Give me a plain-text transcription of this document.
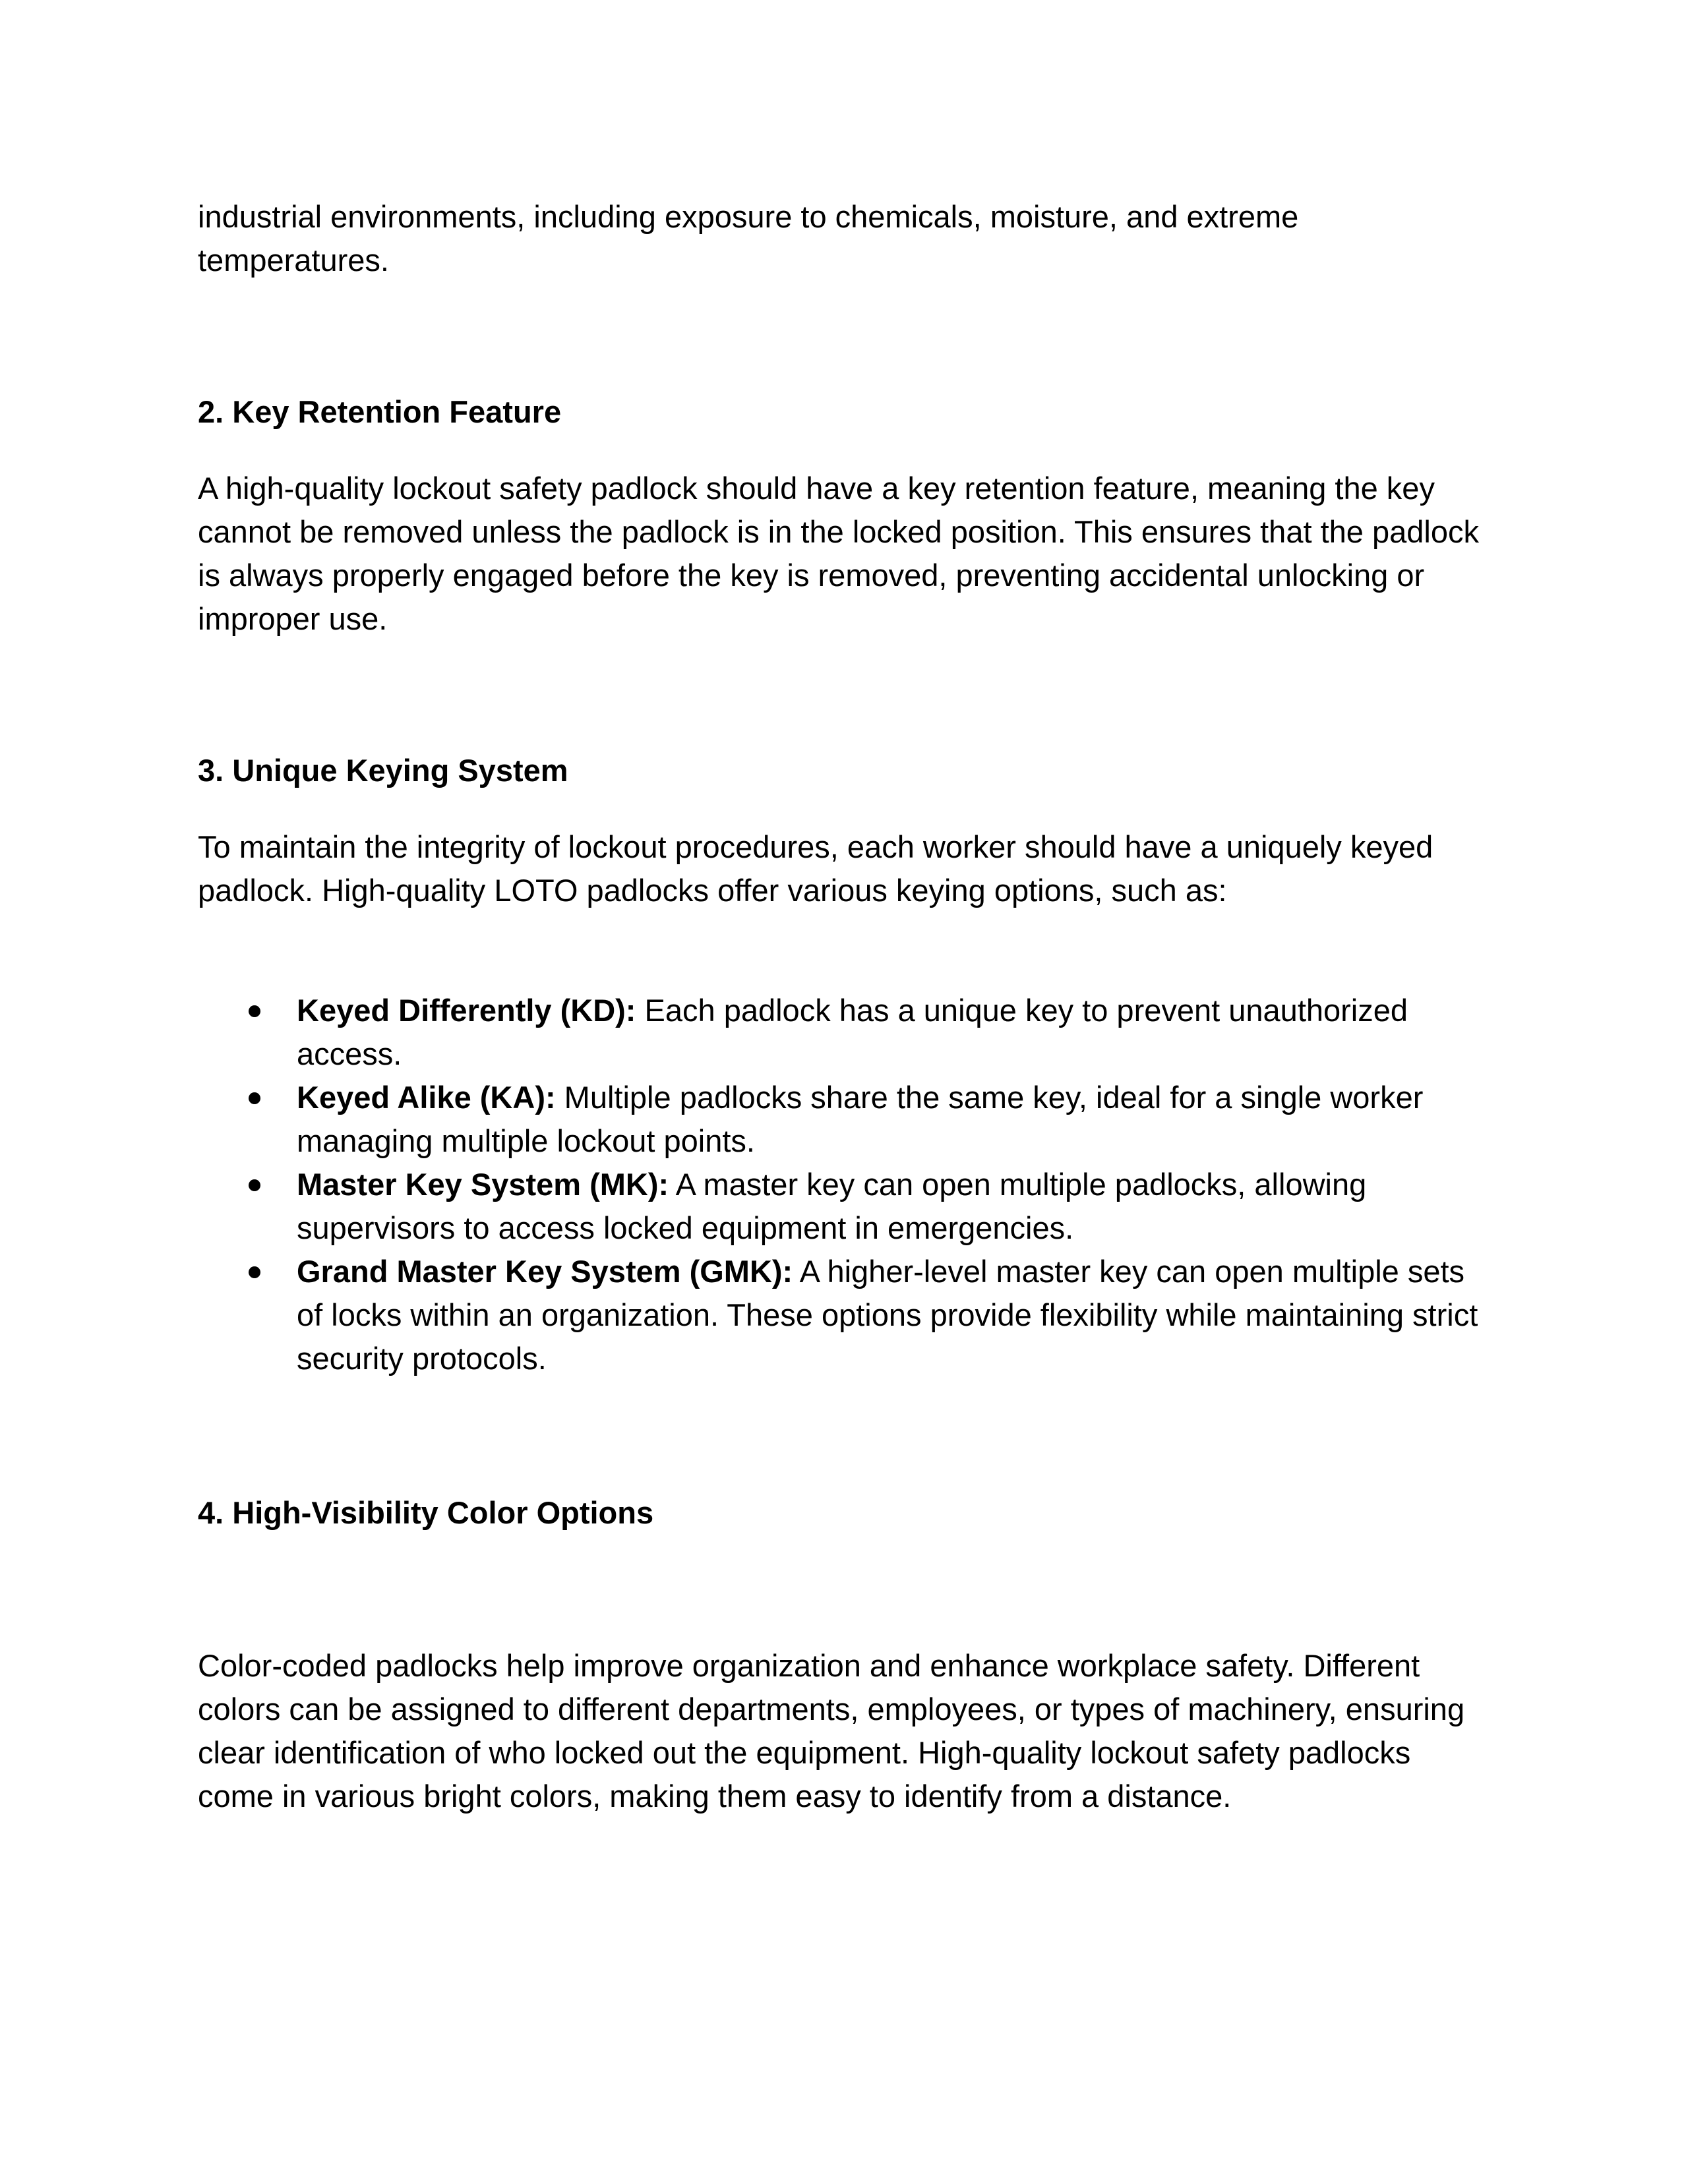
industrial environments, including exposure to chemicals, moisture, and extreme temperatures.

2. Key Retention Feature

A high-quality lockout safety padlock should have a key retention feature, meaning the key cannot be removed unless the padlock is in the locked position. This ensures that the padlock is always properly engaged before the key is removed, preventing accidental unlocking or improper use.

3. Unique Keying System

To maintain the integrity of lockout procedures, each worker should have a uniquely keyed padlock. High-quality LOTO padlocks offer various keying options, such as:

Keyed Differently (KD): Each padlock has a unique key to prevent unauthorized access.
Keyed Alike (KA): Multiple padlocks share the same key, ideal for a single worker managing multiple lockout points.
Master Key System (MK): A master key can open multiple padlocks, allowing supervisors to access locked equipment in emergencies.
Grand Master Key System (GMK): A higher-level master key can open multiple sets of locks within an organization. These options provide flexibility while maintaining strict security protocols.
4. High-Visibility Color Options

Color-coded padlocks help improve organization and enhance workplace safety. Different colors can be assigned to different departments, employees, or types of machinery, ensuring clear identification of who locked out the equipment. High-quality lockout safety padlocks come in various bright colors, making them easy to identify from a distance.
